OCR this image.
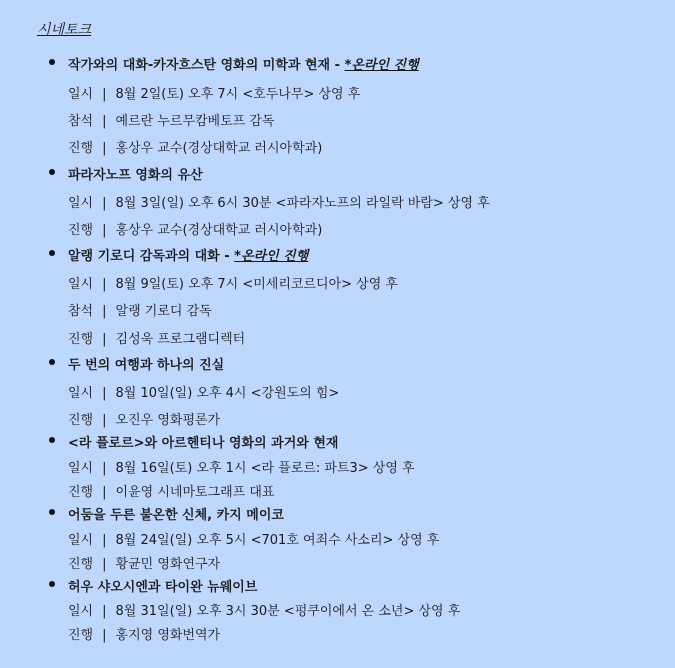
시네토크
작가와의 대화-카자흐스탄 영화의 미학과 현재 - *온라인 진행
일시 | 8월 2일(토) 오후 7시 <호두나무> 상영 후
참석 | 예르란 누르무캄베토프 감독
진행 | 홍상우 교수(경상대학교 러시아학과)
파라자노프 영화의 유산
일시 | 8월 3일(일) 오후 6시 30분 <파라자노프의 라일락 바람> 상영 후
진행 | 홍상우 교수(경상대학교 러시아학과)
알랭 기로디 감독과의 대화 - *온라인 진행
일시 | 8월 9일(토) 오후 7시 <미세리코르디아> 상영 후
참석 | 알랭 기로디 감독
진행 | 김성욱 프로그램디렉터
두 번의 여행과 하나의 진실
일시 | 8월 10일(일) 오후 4시 <강원도의 힘>
진행 | 오진우 영화평론가
<라 플로르>와 아르헨티나 영화의 과거와 현재
일시 | 8월 16일(토) 오후 1시 <라 플로르: 파트3> 상영 후
진행 | 이윤영 시네마토그래프 대표
어둠을 두른 불온한 신체, 카지 메이코
일시 | 8월 24일(일) 오후 5시 <701호 여죄수 사소리> 상영 후
진행 | 황균민 영화연구자
허우 샤오시엔과 타이완 뉴웨이브
일시 | 8월 31일(일) 오후 3시 30분 <펑쿠이에서 온 소년> 상영 후
진행 | 홍지영 영화번역가
